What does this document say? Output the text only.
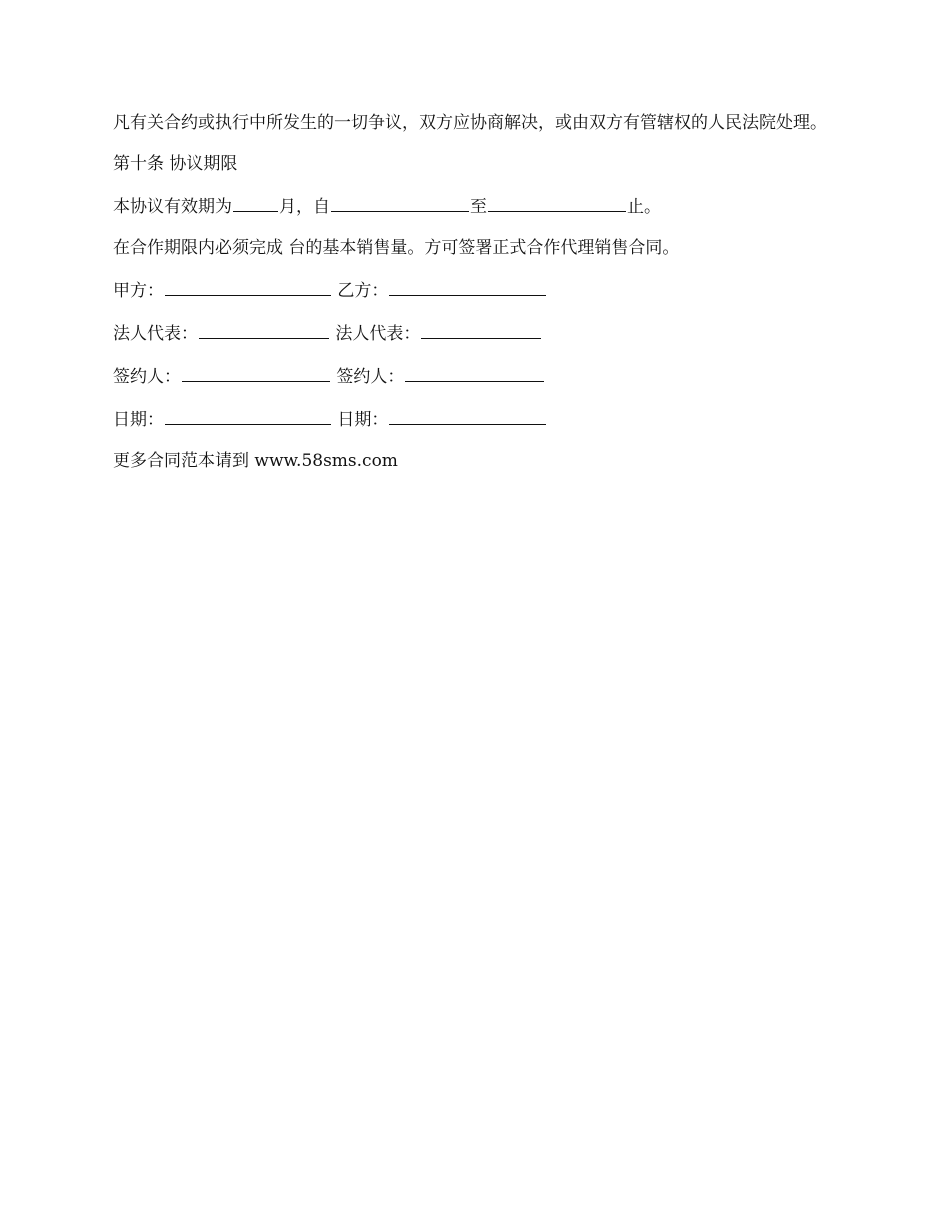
凡有关合约或执行中所发生的一切争议，双方应协商解决，或由双方有管辖权的人民法院处理。

第十条 协议期限

本协议有效期为	月，自	至	止。

在合作期限内必须完成 台的基本销售量。方可签署正式合作代理销售合同。

甲方：	乙方：
法人代表：	法人代表：
签约人：	签约人：
日期：	日期：

更多合同范本请到 www.58sms.com
